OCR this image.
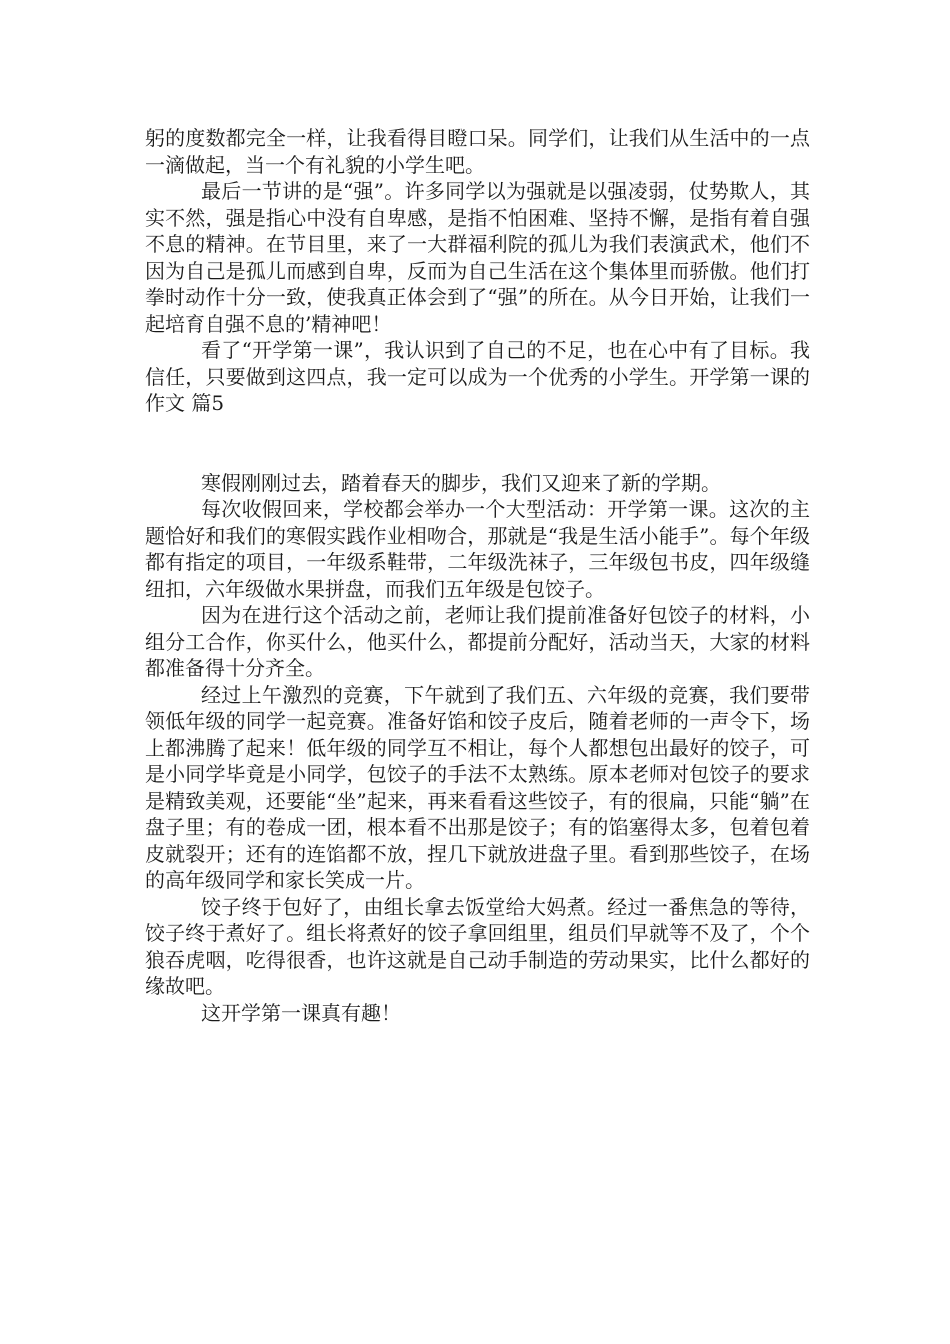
躬的度数都完全一样，让我看得目瞪口呆。同学们，让我们从生活中的一点一滴做起，当一个有礼貌的小学生吧。

最后一节讲的是“强”。许多同学以为强就是以强凌弱，仗势欺人，其实不然，强是指心中没有自卑感，是指不怕困难、坚持不懈，是指有着自强不息的精神。在节目里，来了一大群福利院的孤儿为我们表演武术，他们不因为自己是孤儿而感到自卑，反而为自己生活在这个集体里而骄傲。他们打拳时动作十分一致，使我真正体会到了“强”的所在。从今日开始，让我们一起培育自强不息的’精神吧！

看了“开学第一课”，我认识到了自己的不足，也在心中有了目标。我信任，只要做到这四点，我一定可以成为一个优秀的小学生。开学第一课的作文 篇5

寒假刚刚过去，踏着春天的脚步，我们又迎来了新的学期。

每次收假回来，学校都会举办一个大型活动：开学第一课。这次的主题恰好和我们的寒假实践作业相吻合，那就是“我是生活小能手”。每个年级都有指定的项目，一年级系鞋带，二年级洗袜子，三年级包书皮，四年级缝纽扣，六年级做水果拼盘，而我们五年级是包饺子。

因为在进行这个活动之前，老师让我们提前准备好包饺子的材料，小组分工合作，你买什么，他买什么，都提前分配好，活动当天，大家的材料都准备得十分齐全。

经过上午激烈的竞赛，下午就到了我们五、六年级的竞赛，我们要带领低年级的同学一起竞赛。准备好馅和饺子皮后，随着老师的一声令下，场上都沸腾了起来！低年级的同学互不相让，每个人都想包出最好的饺子，可是小同学毕竟是小同学，包饺子的手法不太熟练。原本老师对包饺子的要求是精致美观，还要能“坐”起来，再来看看这些饺子，有的很扁，只能“躺”在盘子里；有的卷成一团，根本看不出那是饺子；有的馅塞得太多，包着包着皮就裂开；还有的连馅都不放，捏几下就放进盘子里。看到那些饺子，在场的高年级同学和家长笑成一片。

饺子终于包好了，由组长拿去饭堂给大妈煮。经过一番焦急的等待，饺子终于煮好了。组长将煮好的饺子拿回组里，组员们早就等不及了，个个狼吞虎咽，吃得很香，也许这就是自己动手制造的劳动果实，比什么都好的缘故吧。

这开学第一课真有趣！
